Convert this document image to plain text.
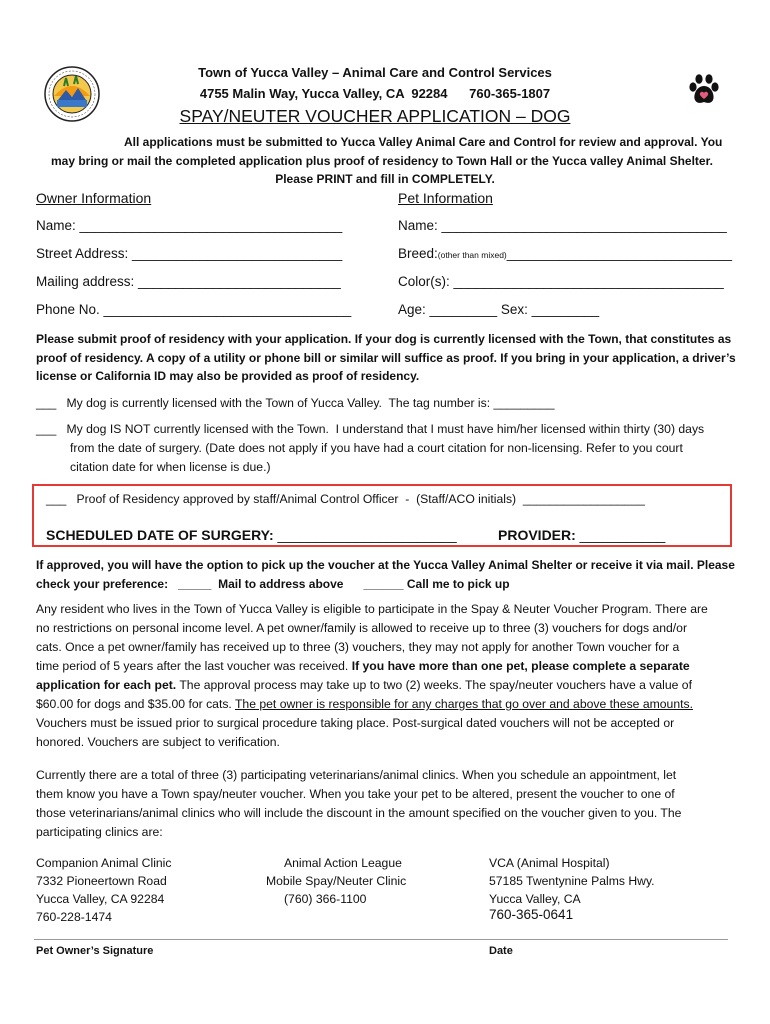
Town of Yucca Valley – Animal Care and Control Services
4755 Malin Way, Yucca Valley, CA  92284      760-365-1807
SPAY/NEUTER VOUCHER APPLICATION – DOG
All applications must be submitted to Yucca Valley Animal Care and Control for review and approval. You
may bring or mail the completed application plus proof of residency to Town Hall or the Yucca valley Animal Shelter.
Please PRINT and fill in COMPLETELY.
Owner Information	Pet Information
Name: ___________________________________
Street Address: ____________________________
Mailing address: ___________________________
Phone No. _________________________________
Name: ______________________________________
Breed:(other than mixed)______________________________
Color(s): ____________________________________
Age: _________ Sex: _________
Please submit proof of residency with your application. If your dog is currently licensed with the Town, that constitutes as
proof of residency. A copy of a utility or phone bill or similar will suffice as proof. If you bring in your application, a driver’s
license or California ID may also be provided as proof of residency.
___   My dog is currently licensed with the Town of Yucca Valley.  The tag number is: _________
___   My dog IS NOT currently licensed with the Town.  I understand that I must have him/her licensed within thirty (30) days
from the date of surgery. (Date does not apply if you have had a court citation for non-licensing. Refer to you court
citation date for when license is due.)
___   Proof of Residency approved by staff/Animal Control Officer  -  (Staff/ACO initials)  __________________
SCHEDULED DATE OF SURGERY: _______________________	PROVIDER: ___________
If approved, you will have the option to pick up the voucher at the Yucca Valley Animal Shelter or receive it via mail. Please
check your preference:   _____  Mail to address above      ______ Call me to pick up
Any resident who lives in the Town of Yucca Valley is eligible to participate in the Spay & Neuter Voucher Program. There are
no restrictions on personal income level. A pet owner/family is allowed to receive up to three (3) vouchers for dogs and/or
cats. Once a pet owner/family has received up to three (3) vouchers, they may not apply for another Town voucher for a
time period of 5 years after the last voucher was received. If you have more than one pet, please complete a separate
application for each pet. The approval process may take up to two (2) weeks. The spay/neuter vouchers have a value of
$60.00 for dogs and $35.00 for cats. The pet owner is responsible for any charges that go over and above these amounts.
Vouchers must be issued prior to surgical procedure taking place. Post-surgical dated vouchers will not be accepted or
honored. Vouchers are subject to verification.
Currently there are a total of three (3) participating veterinarians/animal clinics. When you schedule an appointment, let
them know you have a Town spay/neuter voucher. When you take your pet to be altered, present the voucher to one of
those veterinarians/animal clinics who will include the discount in the amount specified on the voucher given to you. The
participating clinics are:
Companion Animal Clinic
7332 Pioneertown Road
Yucca Valley, CA 92284
760-228-1474
Animal Action League
Mobile Spay/Neuter Clinic
(760) 366-1100
VCA (Animal Hospital)
57185 Twentynine Palms Hwy.
Yucca Valley, CA
760-365-0641
Pet Owner’s Signature	Date
